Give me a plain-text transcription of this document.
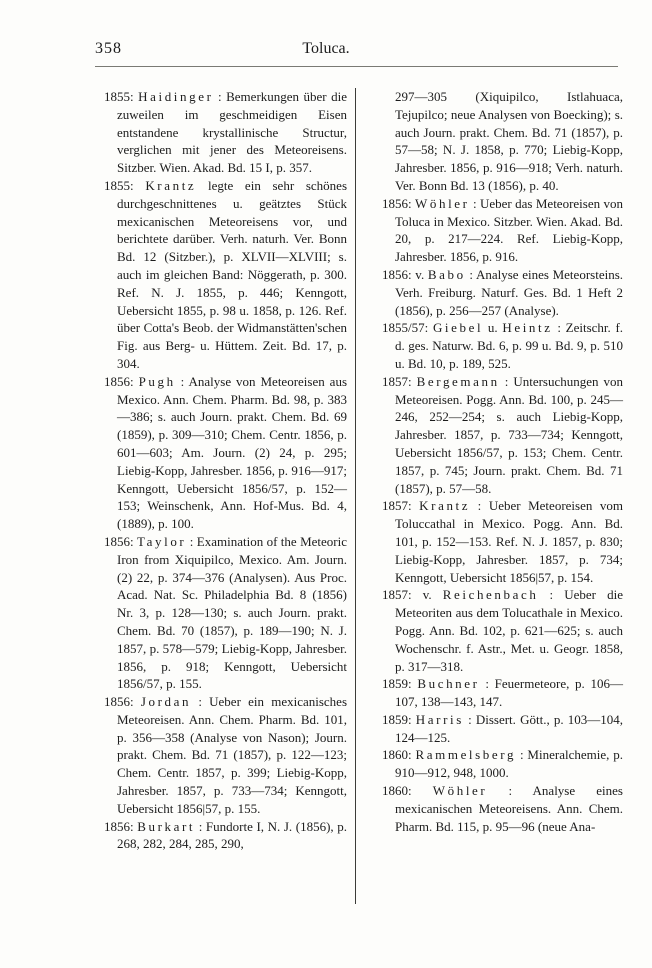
358	Toluca.

1855: Haidinger : Bemerkungen über die zuweilen im geschmeidigen Eisen entstandene krystallinische Structur, verglichen mit jener des Meteoreisens. Sitzber. Wien. Akad. Bd. 15 I, p. 357.

1855: Krantz legte ein sehr schönes durchgeschnittenes u. geätztes Stück mexicanischen Meteoreisens vor, und berichtete darüber. Verh. naturh. Ver. Bonn Bd. 12 (Sitzber.), p. XLVII—XLVIII; s. auch im gleichen Band: Nöggerath, p. 300. Ref. N. J. 1855, p. 446; Kenngott, Uebersicht 1855, p. 98 u. 1858, p. 126. Ref. über Cotta's Beob. der Widmanstätten'schen Fig. aus Berg- u. Hüttem. Zeit. Bd. 17, p. 304.

1856: Pugh : Analyse von Meteoreisen aus Mexico. Ann. Chem. Pharm. Bd. 98, p. 383—386; s. auch Journ. prakt. Chem. Bd. 69 (1859), p. 309—310; Chem. Centr. 1856, p. 601—603; Am. Journ. (2) 24, p. 295; Liebig-Kopp, Jahresber. 1856, p. 916—917; Kenngott, Uebersicht 1856/57, p. 152—153; Weinschenk, Ann. Hof-Mus. Bd. 4, (1889), p. 100.

1856: Taylor : Examination of the Meteoric Iron from Xiquipilco, Mexico. Am. Journ. (2) 22, p. 374—376 (Analysen). Aus Proc. Acad. Nat. Sc. Philadelphia Bd. 8 (1856) Nr. 3, p. 128—130; s. auch Journ. prakt. Chem. Bd. 70 (1857), p. 189—190; N. J. 1857, p. 578—579; Liebig-Kopp, Jahresber. 1856, p. 918; Kenngott, Uebersicht 1856/57, p. 155.

1856: Jordan : Ueber ein mexicanisches Meteoreisen. Ann. Chem. Pharm. Bd. 101, p. 356—358 (Analyse von Nason); Journ. prakt. Chem. Bd. 71 (1857), p. 122—123; Chem. Centr. 1857, p. 399; Liebig-Kopp, Jahresber. 1857, p. 733—734; Kenngott, Uebersicht 1856|57, p. 155.

1856: Burkart : Fundorte I, N. J. (1856), p. 268, 282, 284, 285, 290,

297—305 (Xiquipilco, Istlahuaca, Tejupilco; neue Analysen von Boecking); s. auch Journ. prakt. Chem. Bd. 71 (1857), p. 57—58; N. J. 1858, p. 770; Liebig-Kopp, Jahresber. 1856, p. 916—918; Verh. naturh. Ver. Bonn Bd. 13 (1856), p. 40.

1856: Wöhler : Ueber das Meteoreisen von Toluca in Mexico. Sitzber. Wien. Akad. Bd. 20, p. 217—224. Ref. Liebig-Kopp, Jahresber. 1856, p. 916.

1856: v. Babo : Analyse eines Meteorsteins. Verh. Freiburg. Naturf. Ges. Bd. 1 Heft 2 (1856), p. 256—257 (Analyse).

1855/57: Giebel u. Heintz : Zeitschr. f. d. ges. Naturw. Bd. 6, p. 99 u. Bd. 9, p. 510 u. Bd. 10, p. 189, 525.

1857: Bergemann : Untersuchungen von Meteoreisen. Pogg. Ann. Bd. 100, p. 245—246, 252—254; s. auch Liebig-Kopp, Jahresber. 1857, p. 733—734; Kenngott, Uebersicht 1856/57, p. 153; Chem. Centr. 1857, p. 745; Journ. prakt. Chem. Bd. 71 (1857), p. 57—58.

1857: Krantz : Ueber Meteoreisen vom Toluccathal in Mexico. Pogg. Ann. Bd. 101, p. 152—153. Ref. N. J. 1857, p. 830; Liebig-Kopp, Jahresber. 1857, p. 734; Kenngott, Uebersicht 1856|57, p. 154.

1857: v. Reichenbach : Ueber die Meteoriten aus dem Tolucathale in Mexico. Pogg. Ann. Bd. 102, p. 621—625; s. auch Wochenschr. f. Astr., Met. u. Geogr. 1858, p. 317—318.

1859: Buchner : Feuermeteore, p. 106—107, 138—143, 147.

1859: Harris : Dissert. Gött., p. 103—104, 124—125.

1860: Rammelsberg : Mineralchemie, p. 910—912, 948, 1000.

1860: Wöhler : Analyse eines mexicanischen Meteoreisens. Ann. Chem. Pharm. Bd. 115, p. 95—96 (neue Ana-
